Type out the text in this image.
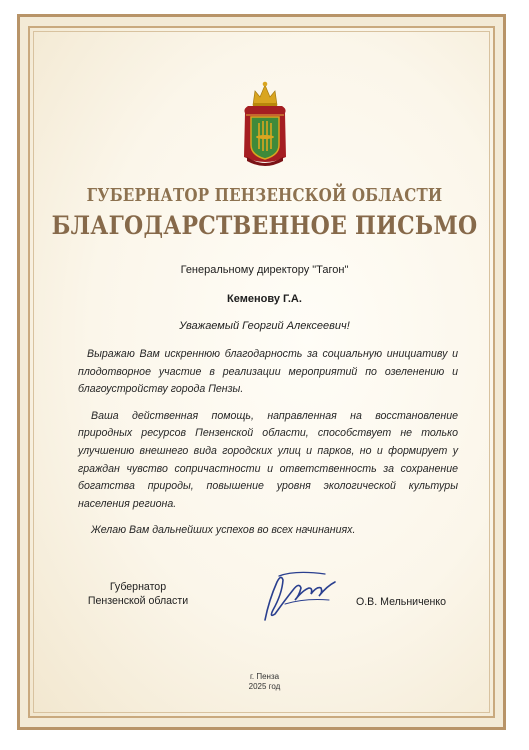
ГУБЕРНАТОР ПЕНЗЕНСКОЙ ОБЛАСТИ
БЛАГОДАРСТВЕННОЕ ПИСЬМО
Генеральному директору "Тагон"
Кеменову Г.А.
Уважаемый Георгий Алексеевич!

Выражаю Вам искреннюю благодарность за социальную инициативу и плодотворное участие в реализации мероприятий по озеленению и благоустройству города Пензы.

Ваша действенная помощь, направленная на восстановление природных ресурсов Пензенской области, способствует не только улучшению внешнего вида городских улиц и парков, но и формирует у граждан чувство сопричастности и ответственность за сохранение богатства природы, повышение уровня экологической культуры населения региона.

Желаю Вам дальнейших успехов во всех начинаниях.

Губернатор
Пензенской области	О.В. Мельниченко
г. Пенза
2025 год
